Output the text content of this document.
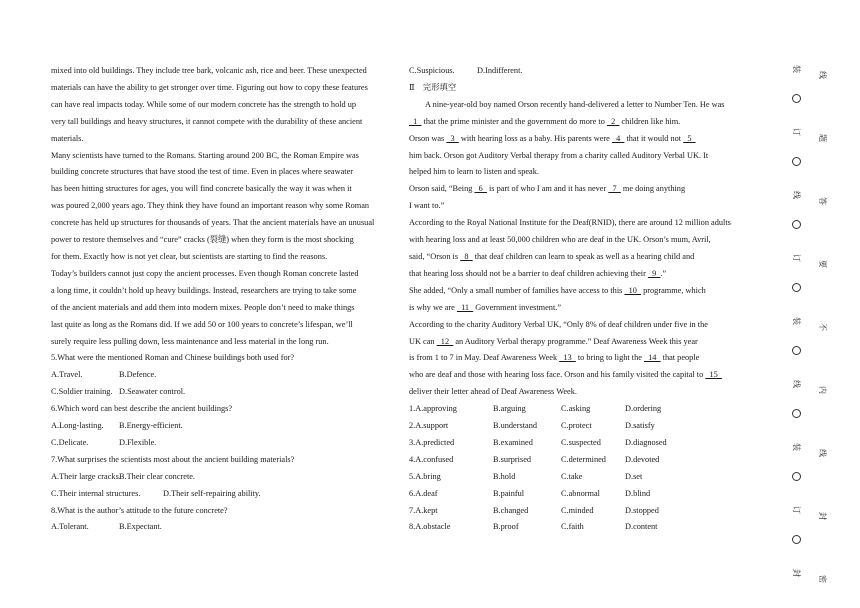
mixed into old buildings. They include tree bark, volcanic ash, rice and beer. These unexpected

materials can have the ability to get stronger over time. Figuring out how to copy these features

can have real impacts today. While some of our modern concrete has the strength to hold up

very tall buildings and heavy structures, it cannot compete with the durability of these ancient

materials.

Many scientists have turned to the Romans. Starting around 200 BC, the Roman Empire was

building concrete structures that have stood the test of time. Even in places where seawater

has been hitting structures for ages, you will find concrete basically the way it was when it

was poured 2,000 years ago. They think they have found an important reason why some Roman

concrete has held up structures for thousands of years. That the ancient materials have an unusual

power to restore themselves and “cure” cracks (裂缝) when they form is the most shocking

for them. Exactly how is not yet clear, but scientists are starting to find the reasons.

Today’s builders cannot just copy the ancient processes. Even though Roman concrete lasted

a long time, it couldn’t hold up heavy buildings. Instead, researchers are trying to take some

of the ancient materials and add them into modern mixes. People don’t need to make things

last quite as long as the Romans did. If we add 50 or 100 years to concrete’s lifespan, we’ll

surely require less pulling down, less maintenance and less material in the long run.

5.What were the mentioned Roman and Chinese buildings both used for?

A.Travel.	B.Defence.

C.Soldier training. D.Seawater control.

6.Which word can best describe the ancient buildings?

A.Long-lasting. B.Energy-efficient.

C.Delicate.	D.Flexible.

7.What surprises the scientists most about the ancient building materials?

A.Their large cracks.B.Their clear concrete.

C.Their internal structures.	D.Their self-repairing ability.

8.What is the author’s attitude to the future concrete?

A.Tolerant.	B.Expectant.

C.Suspicious.	D.Indifferent.
Ⅱ　完形填空

A nine-year-old boy named Orson recently hand-delivered a letter to Number Ten. He was

1   that the prime minister and the government do more to   2   children like him.

Orson was   3   with hearing loss as a baby. His parents were   4   that it would not   5

him back. Orson got Auditory Verbal therapy from a charity called Auditory Verbal UK. It

helped him to learn to listen and speak.

Orson said, “Being   6   is part of who I am and it has never   7   me doing anything

I want to.”

According to the Royal National Institute for the Deaf(RNID), there are around 12 million adults

with hearing loss and at least 50,000 children who are deaf in the UK. Orson’s mum, Avril,

said, “Orson is   8   that deaf children can learn to speak as well as a hearing child and

that hearing loss should not be a barrier to deaf children achieving their   9  .”

She added, “Only a small number of families have access to this   10   programme, which

is why we are   11   Government investment.”

According to the charity Auditory Verbal UK, “Only 8% of deaf children under five in the

UK can   12   an Auditory Verbal therapy programme.” Deaf Awareness Week this year

is from 1 to 7 in May. Deaf Awareness Week   13   to bring to light the   14   that people

who are deaf and those with hearing loss face. Orson and his family visited the capital to   15

deliver their letter ahead of Deaf Awareness Week.

1.A.approving	B.arguing	C.asking	D.ordering

2.A.support	B.understand	C.protect	D.satisfy

3.A.predicted	B.examined	C.suspected	D.diagnosed

4.A.confused	B.surprised	C.determined D.devoted

5.A.bring	B.hold	C.take	D.set

6.A.deaf	B.painful	C.abnormal	D.blind

7.A.kept	B.changed	C.minded	D.stopped

8.A.obstacle	B.proof	C.faith	D.content

装
线
订
题
线
答
订
要
装
不
线
内
装
线
订
封
封
密
